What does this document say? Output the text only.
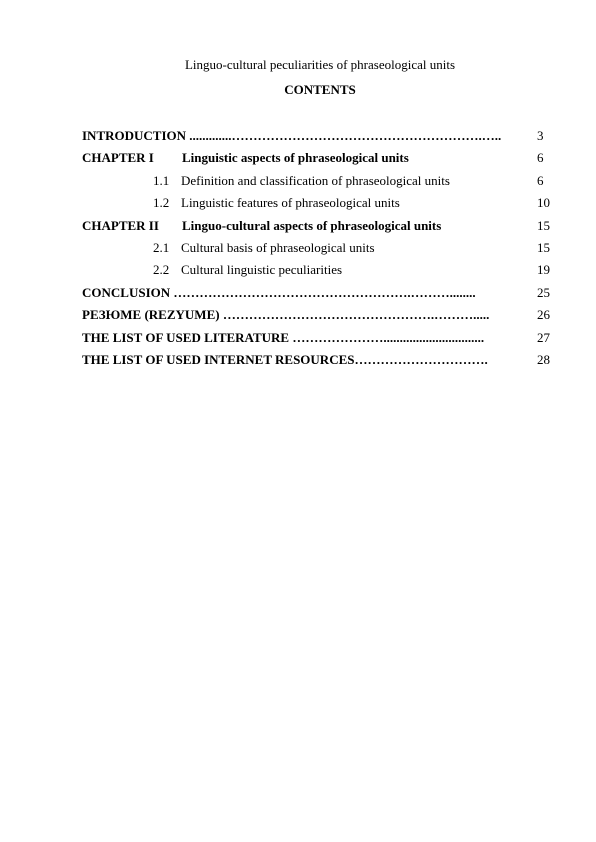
Linguo-cultural peculiarities of phraseological units
CONTENTS
INTRODUCTION .............………………………………………………….…..	3
CHAPTER I Linguistic aspects of phraseological units	6
1.1 Definition and classification of phraseological units	6
1.2 Linguistic features of phraseological units	10
CHAPTER II Linguo-cultural aspects of phraseological units	15
2.1 Cultural basis of phraseological units	15
2.2 Cultural linguistic peculiarities	19
CONCLUSION ……………………………………………….………........	25
РЕЗЮМЕ (REZYUME) ………………………………………….……….....	26
THE LIST OF USED LITERATURE …………………...............................	27
THE LIST OF USED INTERNET RESOURCES………………………….	28
